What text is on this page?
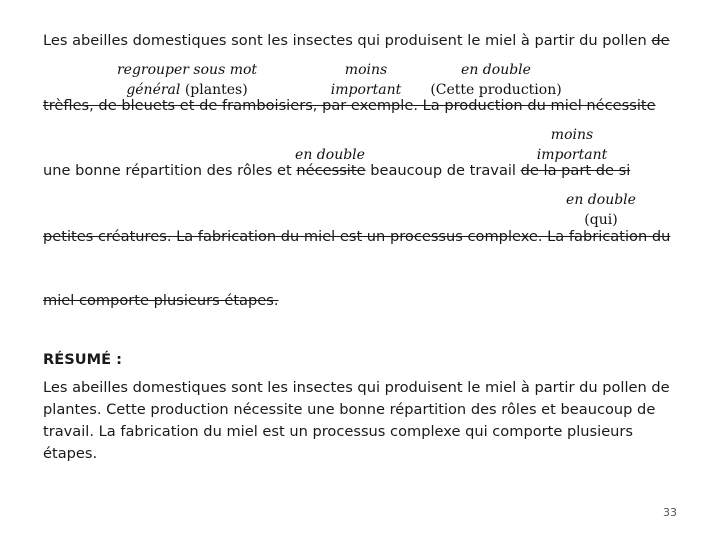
Les abeilles domestiques sont les insectes qui produisent le miel à partir du pollen de
regrouper sous mot
général (plantes)
moins
important
en double
(Cette production)
trèfles, de bleuets et de framboisiers, par exemple. La production du miel nécessite
moins
important
en double
une bonne répartition des rôles et nécessite beaucoup de travail de la part de si
en double
(qui)
petites créatures. La fabrication du miel est un processus complexe. La fabrication du
miel comporte plusieurs étapes.
RÉSUMÉ :
Les abeilles domestiques sont les insectes qui produisent le miel à partir du pollen de plantes. Cette production nécessite une bonne répartition des rôles et beaucoup de travail. La fabrication du miel est un processus complexe qui comporte plusieurs étapes.
33
